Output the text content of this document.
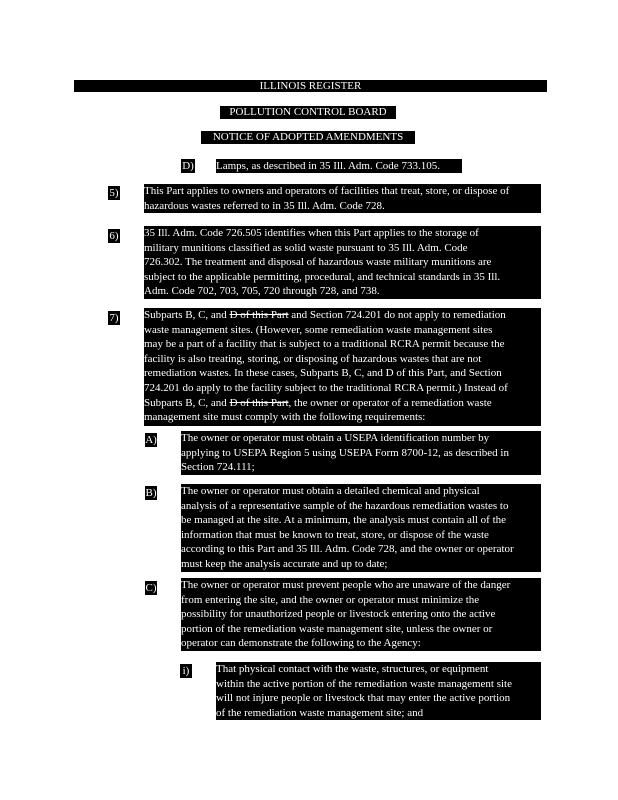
ILLINOIS REGISTER
POLLUTION CONTROL BOARD
NOTICE OF ADOPTED AMENDMENTS
D) Lamps, as described in 35 Ill. Adm. Code 733.105.
5) This Part applies to owners and operators of facilities that treat, store, or dispose of
hazardous wastes referred to in 35 Ill. Adm. Code 728.
6) 35 Ill. Adm. Code 726.505 identifies when this Part applies to the storage of
military munitions classified as solid waste pursuant to 35 Ill. Adm. Code
726.302. The treatment and disposal of hazardous waste military munitions are
subject to the applicable permitting, procedural, and technical standards in 35 Ill.
Adm. Code 702, 703, 705, 720 through 728, and 738.
7) Subparts B, C, and D of this Part and Section 724.201 do not apply to remediation
waste management sites. (However, some remediation waste management sites
may be a part of a facility that is subject to a traditional RCRA permit because the
facility is also treating, storing, or disposing of hazardous wastes that are not
remediation wastes. In these cases, Subparts B, C, and D of this Part, and Section
724.201 do apply to the facility subject to the traditional RCRA permit.) Instead of
Subparts B, C, and D of this Part, the owner or operator of a remediation waste
management site must comply with the following requirements:
A) The owner or operator must obtain a USEPA identification number by
applying to USEPA Region 5 using USEPA Form 8700-12, as described in
Section 724.111;
B) The owner or operator must obtain a detailed chemical and physical
analysis of a representative sample of the hazardous remediation wastes to
be managed at the site. At a minimum, the analysis must contain all of the
information that must be known to treat, store, or dispose of the waste
according to this Part and 35 Ill. Adm. Code 728, and the owner or operator
must keep the analysis accurate and up to date;
C) The owner or operator must prevent people who are unaware of the danger
from entering the site, and the owner or operator must minimize the
possibility for unauthorized people or livestock entering onto the active
portion of the remediation waste management site, unless the owner or
operator can demonstrate the following to the Agency:
i) That physical contact with the waste, structures, or equipment
within the active portion of the remediation waste management site
will not injure people or livestock that may enter the active portion
of the remediation waste management site; and
